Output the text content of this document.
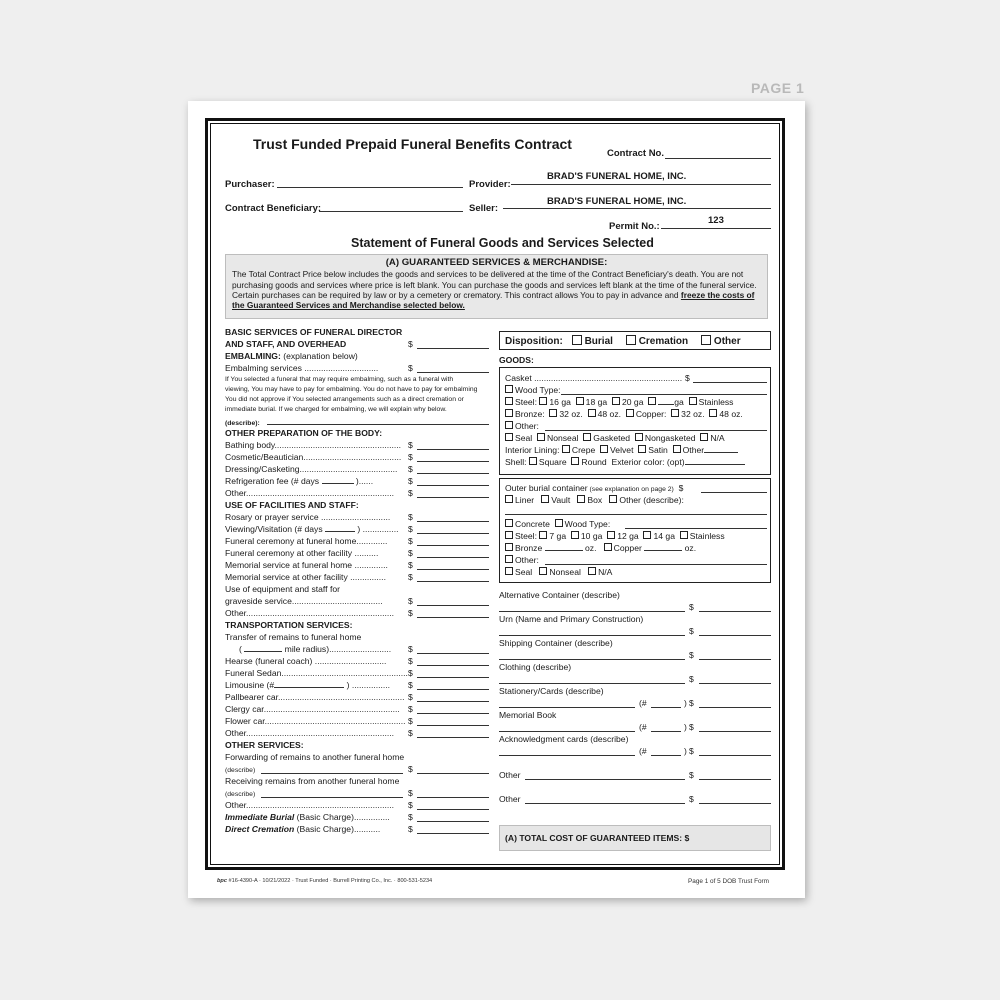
PAGE 1
Trust Funded Prepaid Funeral Benefits Contract
Contract No.
Purchaser:	Provider:
BRAD'S FUNERAL HOME, INC.
Contract Beneficiary:	Seller:
BRAD'S FUNERAL HOME, INC.
Permit No.:
123
Statement of Funeral Goods and Services Selected
(A) GUARANTEED SERVICES & MERCHANDISE:
The Total Contract Price below includes the goods and services to be delivered at the time of the Contract Beneficiary's death. You are not purchasing goods and services where price is left blank. You can purchase the goods and services left blank at the time of the funeral service. Certain purchases can be required by law or by a cemetery or crematory. This contract allows You to pay in advance and freeze the costs of the Guaranteed Services and Merchandise selected below.
BASIC SERVICES OF FUNERAL DIRECTOR
AND STAFF, AND OVERHEAD	$
EMBALMING: (explanation below)
Embalming services ...............................	$
If You selected a funeral that may require embalming, such as a funeral with
viewing, You may have to pay for embalming. You do not have to pay for embalming
You did not approve if You selected arrangements such as a direct cremation or
immediate burial. If we charged for embalming, we will explain why below.
(describe):
OTHER PREPARATION OF THE BODY:
Bathing body..................................................... $
Cosmetic/Beautician......................................... $
Dressing/Casketing......................................... $
Refrigeration fee (# days	)......	$
Other.............................................................. $
USE OF FACILITIES AND STAFF:
Rosary or prayer service ............................. $
Viewing/Visitation (# days	) ............... $
Funeral ceremony at funeral home............. $
Funeral ceremony at other facility ..........	$
Memorial service at funeral home .............. $
Memorial service at other facility ...............	$
Use of equipment and staff for
graveside service......................................	$
Other.............................................................. $
TRANSPORTATION SERVICES:
Transfer of remains to funeral home
(	mile radius).......................... $
Hearse (funeral coach) ..............................	$
Funeral Sedan..................................................... $
Limousine (#	) ................ $
Pallbearer car..................................................... $
Clergy car......................................................... $
Flower car........................................................... $
Other.............................................................. $
OTHER SERVICES:
Forwarding of remains to another funeral home
(describe)	$
Receiving remains from another funeral home
(describe)	$
Other.............................................................. $
Immediate Burial (Basic Charge)............... $
Direct Cremation (Basic Charge)...........	$
Disposition: Burial	Cremation	Other
GOODS:
Casket .............................................................. $
Wood Type:
Steel: 16 ga 18 ga 20 ga	ga Stainless
Bronze: 32 oz. 48 oz. Copper: 32 oz. 48 oz.
Other:
Seal Nonseal Gasketed Nongasketed N/A
Interior Lining: Crepe Velvet Satin Other
Shell: Square Round Exterior color: (opt)
Outer burial container (see explanation on page 2) $
Liner Vault Box Other (describe):
Concrete Wood Type:
Steel: 7 ga 10 ga 12 ga 14 ga Stainless
Bronze	oz. Copper	oz.
Other:
Seal Nonseal N/A
Alternative Container (describe)
$
Urn (Name and Primary Construction)
$
Shipping Container (describe)
$
Clothing (describe)
$
Stationery/Cards (describe)
(#	) $
Memorial Book
(#	) $
Acknowledgment cards (describe)
(#	) $
Other	$
Other	$
(A) TOTAL COST OF GUARANTEED ITEMS: $
bpc #16-4390-A · 10/21/2022 · Trust Funded · Burrell Printing Co., Inc. · 800-531-5234	Page 1 of 5 DOB Trust Form
